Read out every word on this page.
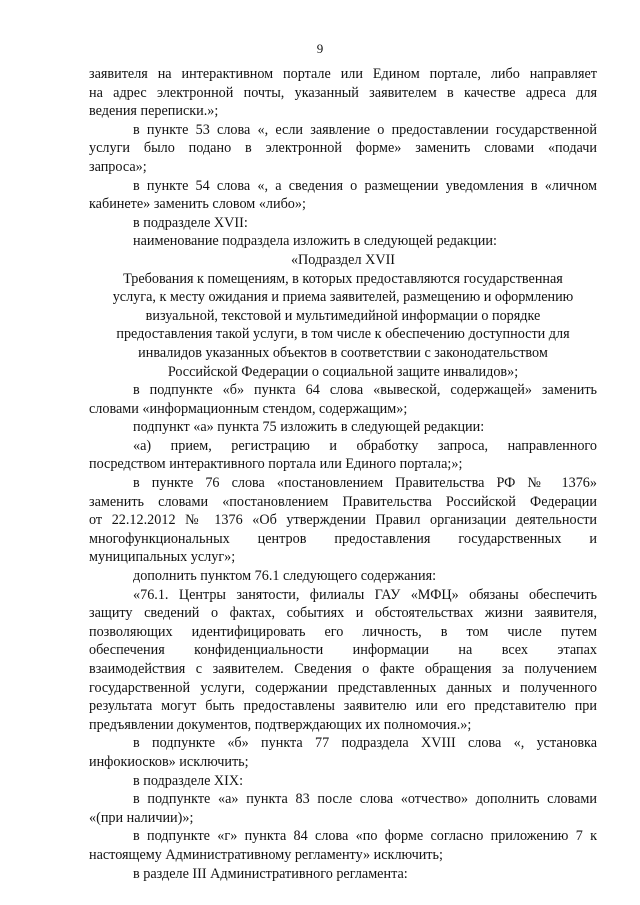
9
заявителя на интерактивном портале или Едином портале, либо направляет
на адрес электронной почты, указанный заявителем в качестве адреса для
ведения переписки.»;
в пункте 53 слова «, если заявление о предоставлении государственной
услуги было подано в электронной форме» заменить словами «подачи
запроса»;
в пункте 54 слова «, а сведения о размещении уведомления в «личном
кабинете» заменить словом «либо»;
в подразделе XVII:
наименование подраздела изложить в следующей редакции:
«Подраздел XVII
Требования к помещениям, в которых предоставляются государственная
услуга, к месту ожидания и приема заявителей, размещению и оформлению
визуальной, текстовой и мультимедийной информации о порядке
предоставления такой услуги, в том числе к обеспечению доступности для
инвалидов указанных объектов в соответствии с законодательством
Российской Федерации о социальной защите инвалидов»;
в подпункте «б» пункта 64 слова «вывеской, содержащей» заменить
словами «информационным стендом, содержащим»;
подпункт «а» пункта 75 изложить в следующей редакции:
«а) прием, регистрацию и обработку запроса, направленного
посредством интерактивного портала или Единого портала;»;
в пункте 76 слова «постановлением Правительства РФ № 1376»
заменить словами «постановлением Правительства Российской Федерации
от 22.12.2012 № 1376 «Об утверждении Правил организации деятельности
многофункциональных центров предоставления государственных и
муниципальных услуг»;
дополнить пунктом 76.1 следующего содержания:
«76.1. Центры занятости, филиалы ГАУ «МФЦ» обязаны обеспечить
защиту сведений о фактах, событиях и обстоятельствах жизни заявителя,
позволяющих идентифицировать его личность, в том числе путем
обеспечения конфиденциальности информации на всех этапах
взаимодействия с заявителем. Сведения о факте обращения за получением
государственной услуги, содержании представленных данных и полученного
результата могут быть предоставлены заявителю или его представителю при
предъявлении документов, подтверждающих их полномочия.»;
в подпункте «б» пункта 77 подраздела XVIII слова «, установка
инфокиосков» исключить;
в подразделе XIX:
в подпункте «а» пункта 83 после слова «отчество» дополнить словами
«(при наличии)»;
в подпункте «г» пункта 84 слова «по форме согласно приложению 7 к
настоящему Административному регламенту» исключить;
в разделе III Административного регламента:
